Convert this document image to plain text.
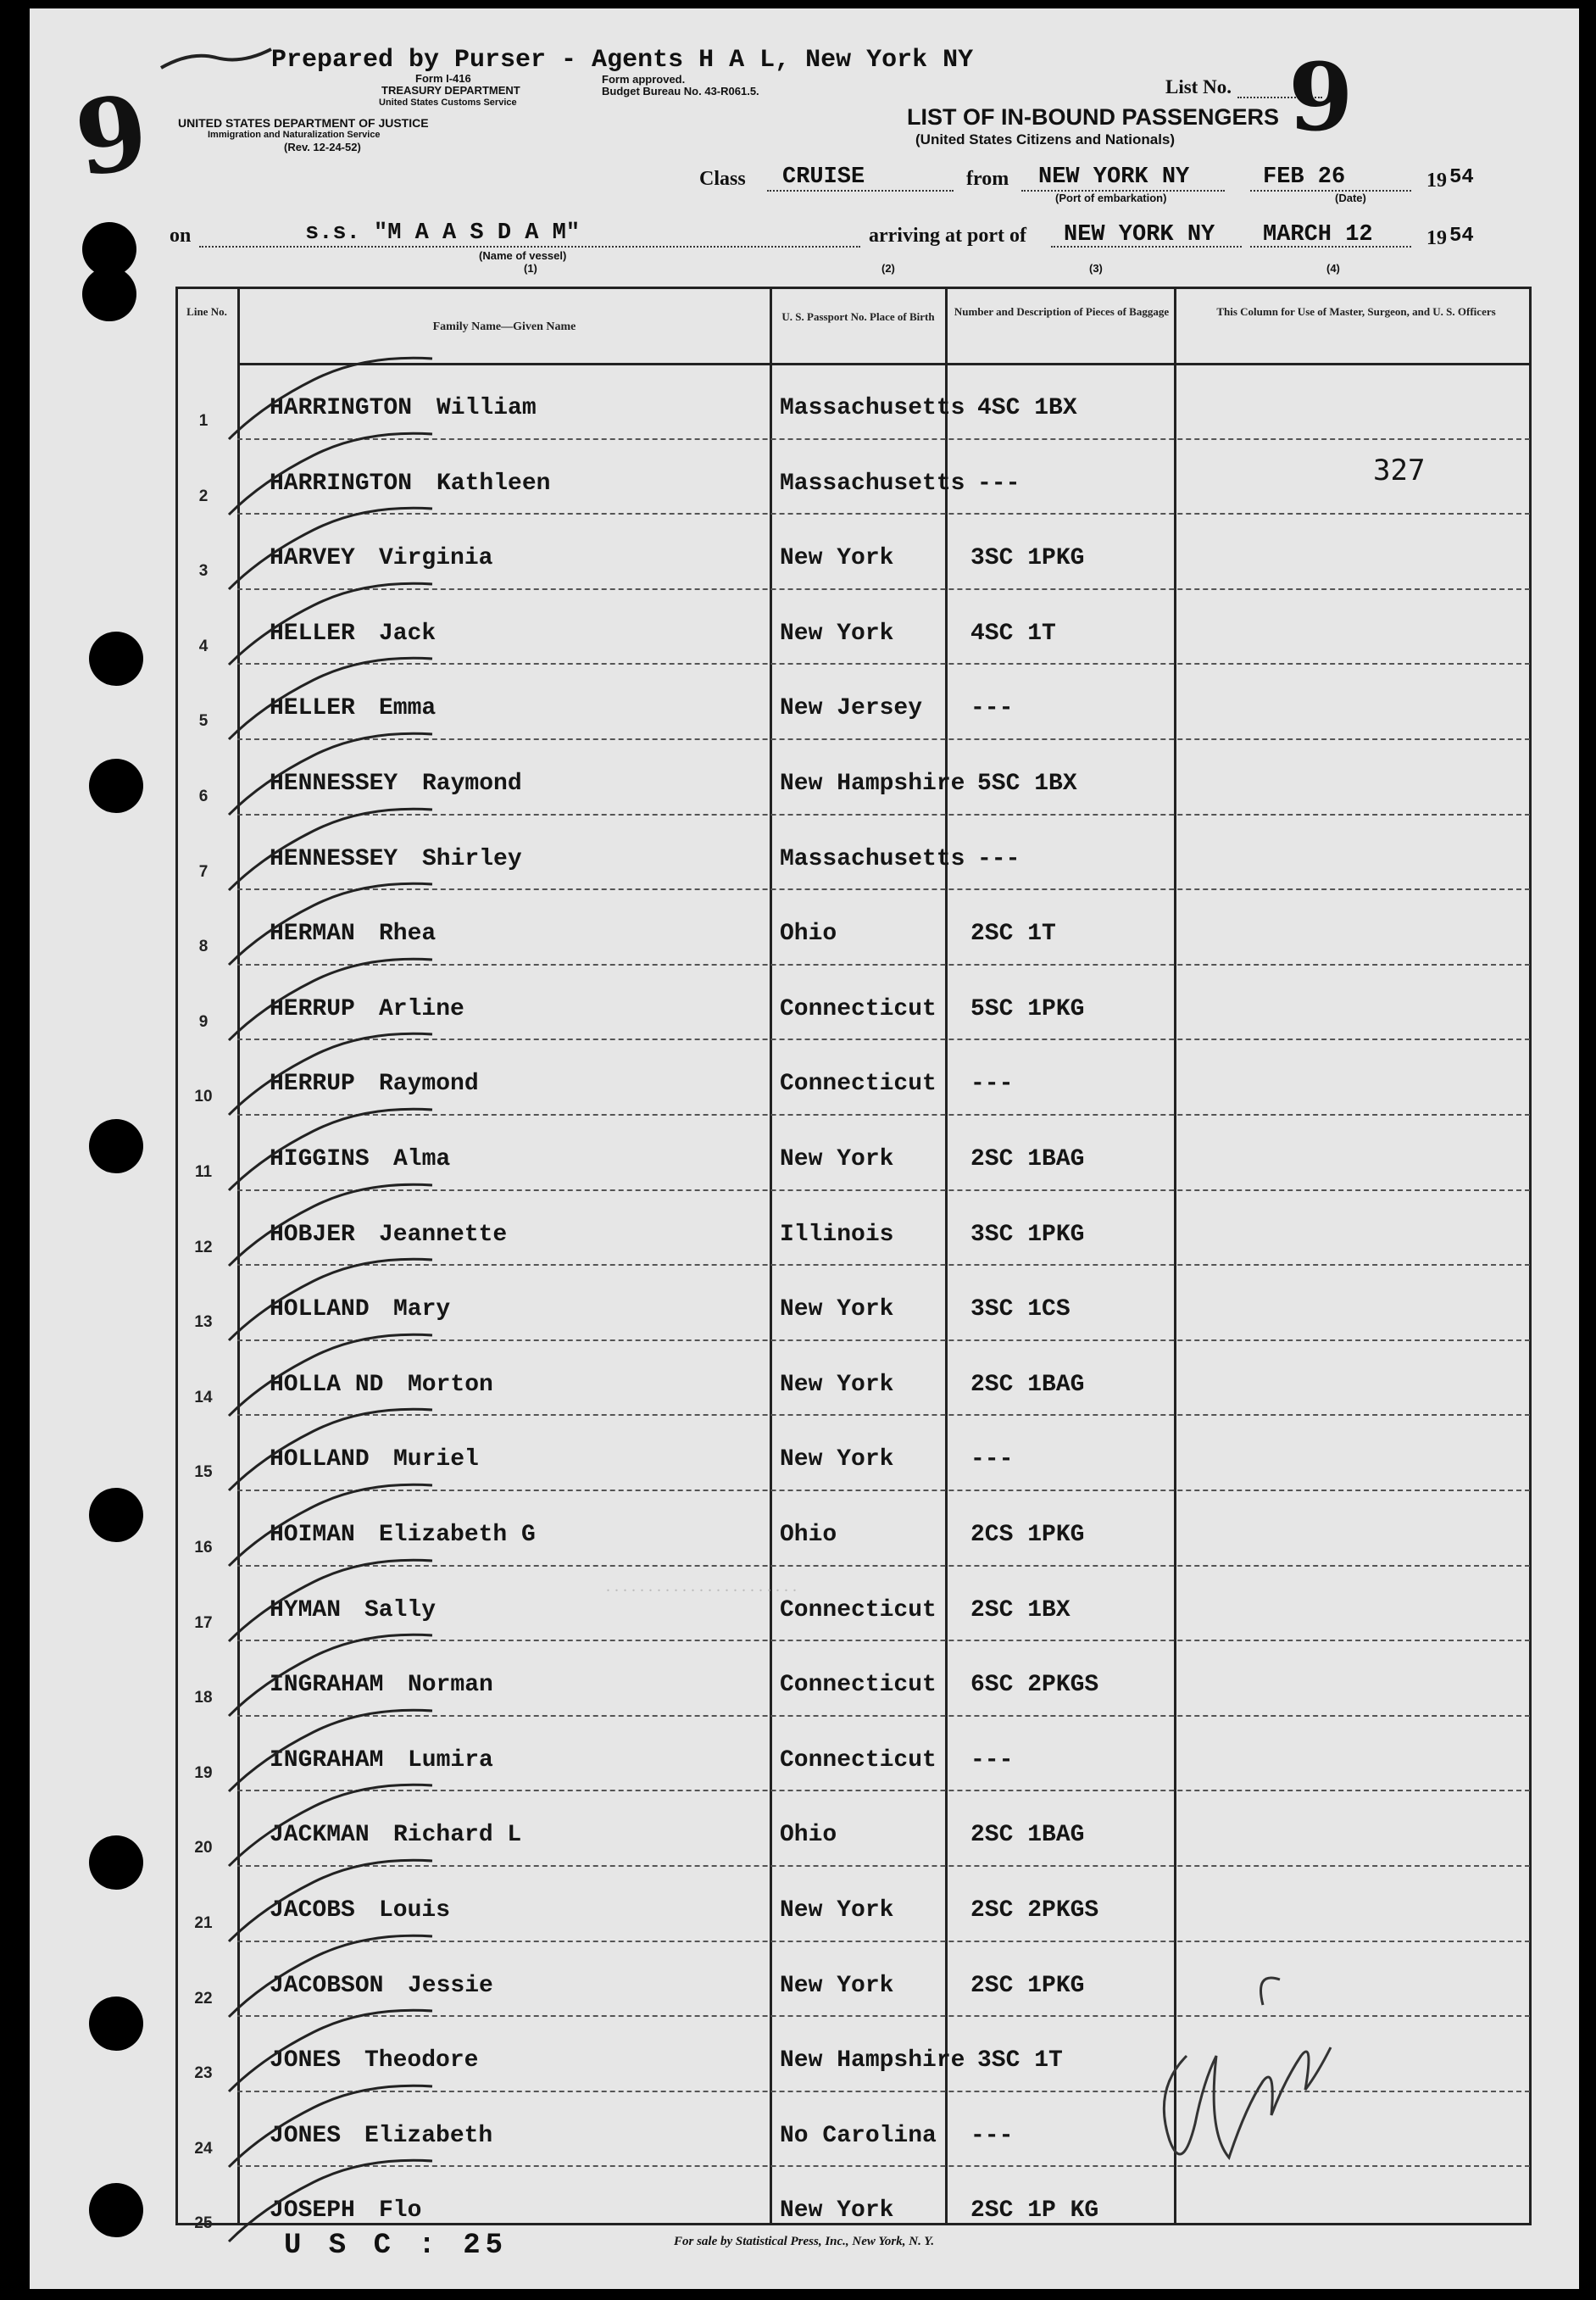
9
Prepared by Purser - Agents H A L, New York NY
Form I-416
TREASURY DEPARTMENT
United States Customs Service
Form approved.
Budget Bureau No. 43-R061.5.
UNITED STATES DEPARTMENT OF JUSTICE
Immigration and Naturalization Service
(Rev. 12-24-52)
List No. 9
LIST OF IN-BOUND PASSENGERS
(United States Citizens and Nationals)
Class CRUISE	from NEW YORK NY
(Port of embarkation)
FEB 26
(Date)
19 54
on	s.s. "M A A S D A M"
(Name of vessel)
(1)
arriving at port of
(2)
NEW YORK NY
(3)
MARCH 12
(4)
19 54
Line No.
Family Name—Given Name
U. S. Passport No. Place of Birth	Number and Description of Pieces of Baggage	This Column for Use of Master, Surgeon, and U. S. Officers
1	HARRINGTON William	Massachusetts 4SC 1BX
2	HARRINGTON Kathleen	Massachusetts ---	327
3	HARVEY Virginia	New York	3SC 1PKG
4	HELLER Jack	New York	4SC 1T
5	HELLER Emma	New Jersey ---
6	HENNESSEY Raymond	New Hampshire 5SC 1BX
7	HENNESSEY Shirley	Massachusetts ---
8	HERMAN Rhea	Ohio	2SC 1T
9	HERRUP Arline	Connecticut 5SC 1PKG
10	HERRUP Raymond	Connecticut ---
11	HIGGINS Alma	New York	2SC 1BAG
12	HOBJER Jeannette	Illinois	3SC 1PKG
13	HOLLAND Mary	New York	3SC 1CS
14	HOLLA ND Morton	New York	2SC 1BAG
15	HOLLAND Muriel	New York	---
16	HOIMAN Elizabeth G	Ohio	2CS 1PKG
17	HYMAN Sally	Connecticut 2SC 1BX
18	INGRAHAM Norman	Connecticut 6SC 2PKGS
19	INGRAHAM Lumira	Connecticut ---
20	JACKMAN Richard L	Ohio	2SC 1BAG
21	JACOBS Louis	New York	2SC 2PKGS
22	JACOBSON Jessie	New York	2SC 1PKG
23	JONES Theodore	New Hampshire 3SC 1T
24	JONES Elizabeth	No Carolina ---
25	JOSEPH Flo	New York	2SC 1P KG
. . . . . . . . . . . . . . . . . . . . . . .
U S C : 25	For sale by Statistical Press, Inc., New York, N. Y.
